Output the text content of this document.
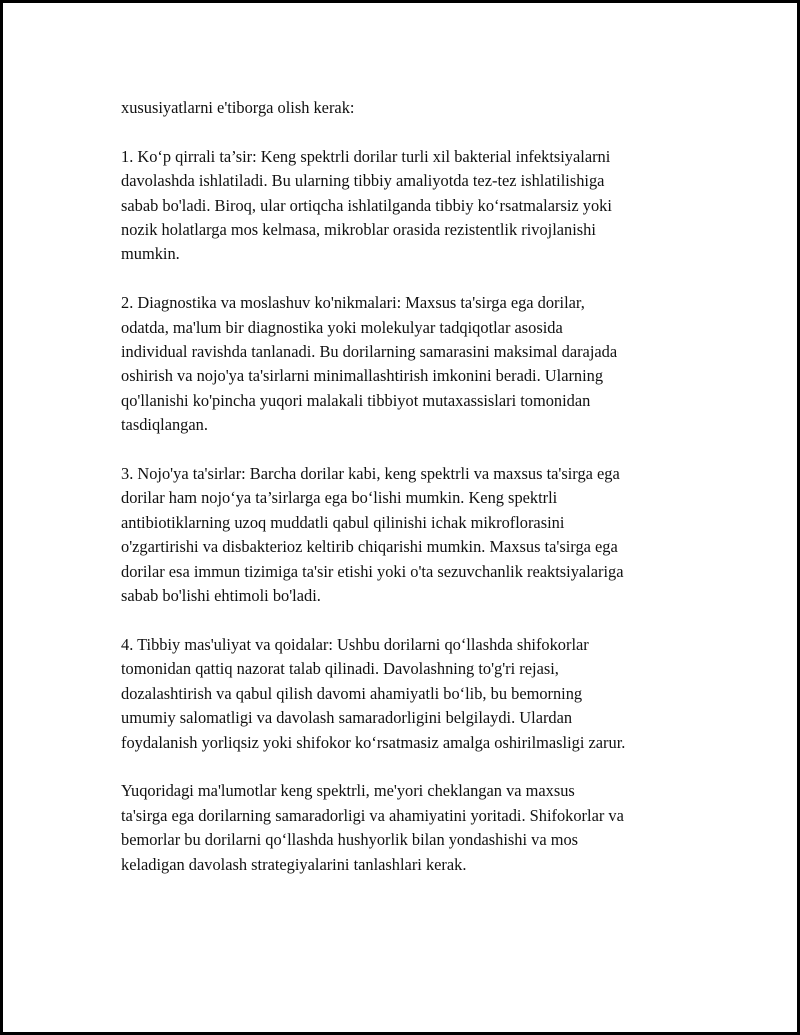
xususiyatlarni e'tiborga olish kerak:

1. Ko‘p qirrali ta’sir: Keng spektrli dorilar turli xil bakterial infektsiyalarni
davolashda ishlatiladi. Bu ularning tibbiy amaliyotda tez-tez ishlatilishiga
sabab bo'ladi. Biroq, ular ortiqcha ishlatilganda tibbiy ko‘rsatmalarsiz yoki
nozik holatlarga mos kelmasa, mikroblar orasida rezistentlik rivojlanishi
mumkin.

2. Diagnostika va moslashuv ko'nikmalari: Maxsus ta'sirga ega dorilar,
odatda, ma'lum bir diagnostika yoki molekulyar tadqiqotlar asosida
individual ravishda tanlanadi. Bu dorilarning samarasini maksimal darajada
oshirish va nojo'ya ta'sirlarni minimallashtirish imkonini beradi. Ularning
qo'llanishi ko'pincha yuqori malakali tibbiyot mutaxassislari tomonidan
tasdiqlangan.

3. Nojo'ya ta'sirlar: Barcha dorilar kabi, keng spektrli va maxsus ta'sirga ega
dorilar ham nojo‘ya ta’sirlarga ega bo‘lishi mumkin. Keng spektrli
antibiotiklarning uzoq muddatli qabul qilinishi ichak mikroflorasini
o'zgartirishi va disbakterioz keltirib chiqarishi mumkin. Maxsus ta'sirga ega
dorilar esa immun tizimiga ta'sir etishi yoki o'ta sezuvchanlik reaktsiyalariga
sabab bo'lishi ehtimoli bo'ladi.

4. Tibbiy mas'uliyat va qoidalar: Ushbu dorilarni qo‘llashda shifokorlar
tomonidan qattiq nazorat talab qilinadi. Davolashning to'g'ri rejasi,
dozalashtirish va qabul qilish davomi ahamiyatli bo‘lib, bu bemorning
umumiy salomatligi va davolash samaradorligini belgilaydi. Ulardan
foydalanish yorliqsiz yoki shifokor ko‘rsatmasiz amalga oshirilmasligi zarur.

Yuqoridagi ma'lumotlar keng spektrli, me'yori cheklangan va maxsus
ta'sirga ega dorilarning samaradorligi va ahamiyatini yoritadi. Shifokorlar va
bemorlar bu dorilarni qo‘llashda hushyorlik bilan yondashishi va mos
keladigan davolash strategiyalarini tanlashlari kerak.
